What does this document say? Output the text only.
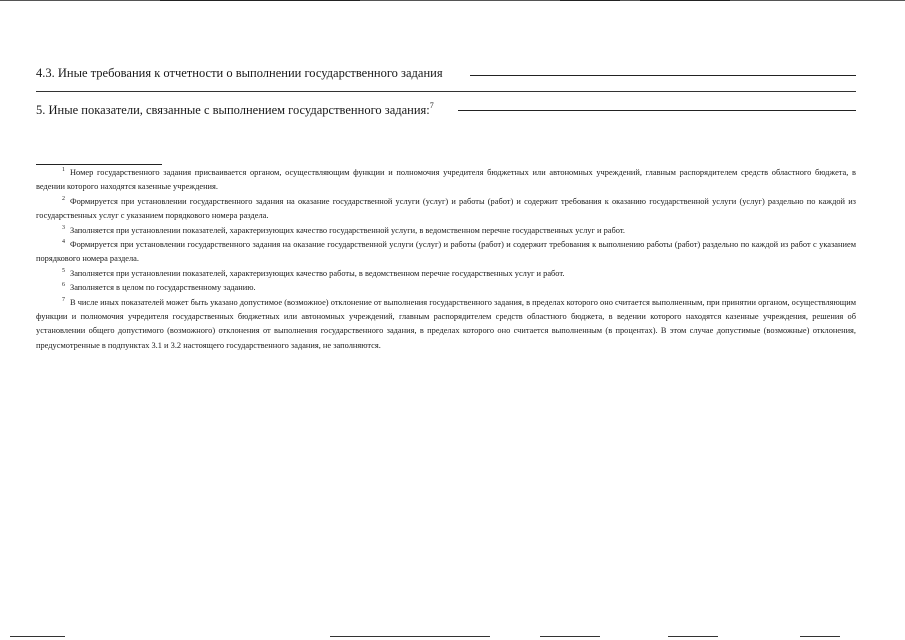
4.3. Иные требования к отчетности о выполнении государственного задания
5. Иные показатели, связанные с выполнением государственного задания:$^7$

$^1$ Номер государственного задания присваивается органом, осуществляющим функции и полномочия учредителя бюджетных или автономных учреждений, главным распорядителем средств областного бюджета, в ведении которого находятся казенные учреждения.

$^2$ Формируется при установлении государственного задания на оказание государственной услуги (услуг) и работы (работ) и содержит требования к оказанию государственной услуги (услуг) раздельно по каждой из государственных услуг с указанием порядкового номера раздела.

$^3$ Заполняется при установлении показателей, характеризующих качество государственной услуги, в ведомственном перечне государственных услуг и работ.

$^4$ Формируется при установлении государственного задания на оказание государственной услуги (услуг) и работы (работ) и содержит требования к выполнению работы (работ) раздельно по каждой из работ с указанием порядкового номера раздела.

$^5$ Заполняется при установлении показателей, характеризующих качество работы, в ведомственном перечне государственных услуг и работ.

$^6$ Заполняется в целом по государственному заданию.

$^7$ В числе иных показателей может быть указано допустимое (возможное) отклонение от выполнения государственного задания, в пределах которого оно считается выполненным, при принятии органом, осуществляющим функции и полномочия учредителя государственных бюджетных или автономных учреждений, главным распорядителем средств областного бюджета, в ведении которого находятся казенные учреждения, решения об установлении общего допустимого (возможного) отклонения от выполнения государственного задания, в пределах которого оно считается выполненным (в процентах). В этом случае допустимые (возможные) отклонения, предусмотренные в подпунктах 3.1 и 3.2 настоящего государственного задания, не заполняются.
